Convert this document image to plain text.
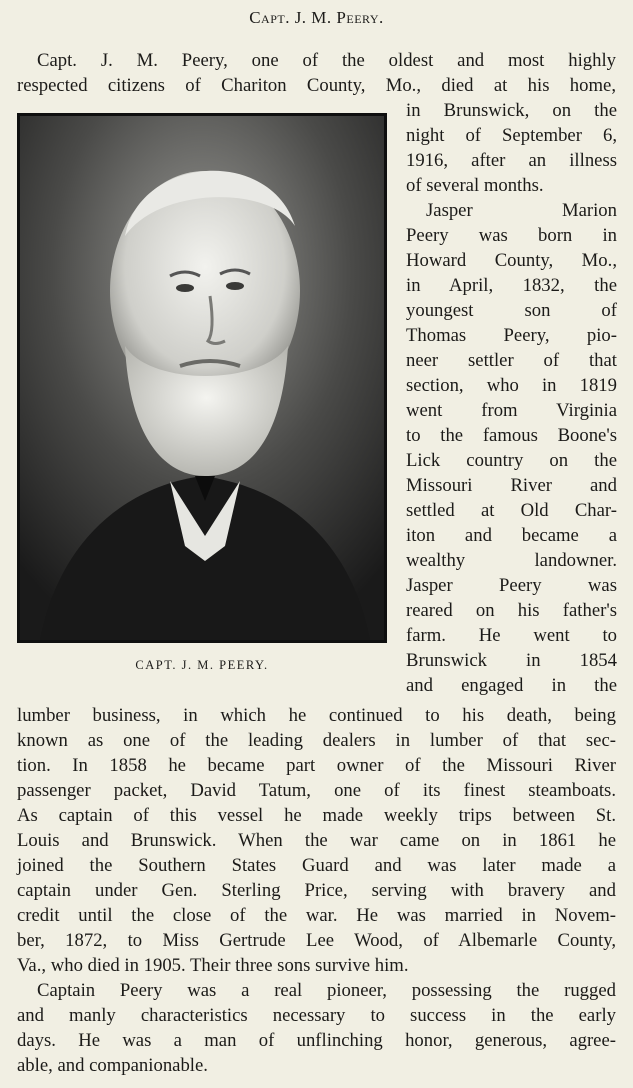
Capt. J. M. Peery.
Capt. J. M. Peery, one of the oldest and most highly
respected citizens of Chariton County, Mo., died at his home,
CAPT. J. M. PEERY.
in Brunswick, on the
night of September 6,
1916, after an illness
of several months.
Jasper Marion
Peery was born in
Howard County, Mo.,
in April, 1832, the
youngest son of
Thomas Peery, pio-
neer settler of that
section, who in 1819
went from Virginia
to the famous Boone's
Lick country on the
Missouri River and
settled at Old Char-
iton and became a
wealthy landowner.
Jasper Peery was
reared on his father's
farm. He went to
Brunswick in 1854
and engaged in the
lumber business, in which he continued to his death, being
known as one of the leading dealers in lumber of that sec-
tion. In 1858 he became part owner of the Missouri River
passenger packet, David Tatum, one of its finest steamboats.
As captain of this vessel he made weekly trips between St.
Louis and Brunswick. When the war came on in 1861 he
joined the Southern States Guard and was later made a
captain under Gen. Sterling Price, serving with bravery and
credit until the close of the war. He was married in Novem-
ber, 1872, to Miss Gertrude Lee Wood, of Albemarle County,
Va., who died in 1905. Their three sons survive him.
Captain Peery was a real pioneer, possessing the rugged
and manly characteristics necessary to success in the early
days. He was a man of unflinching honor, generous, agree-
able, and companionable.
